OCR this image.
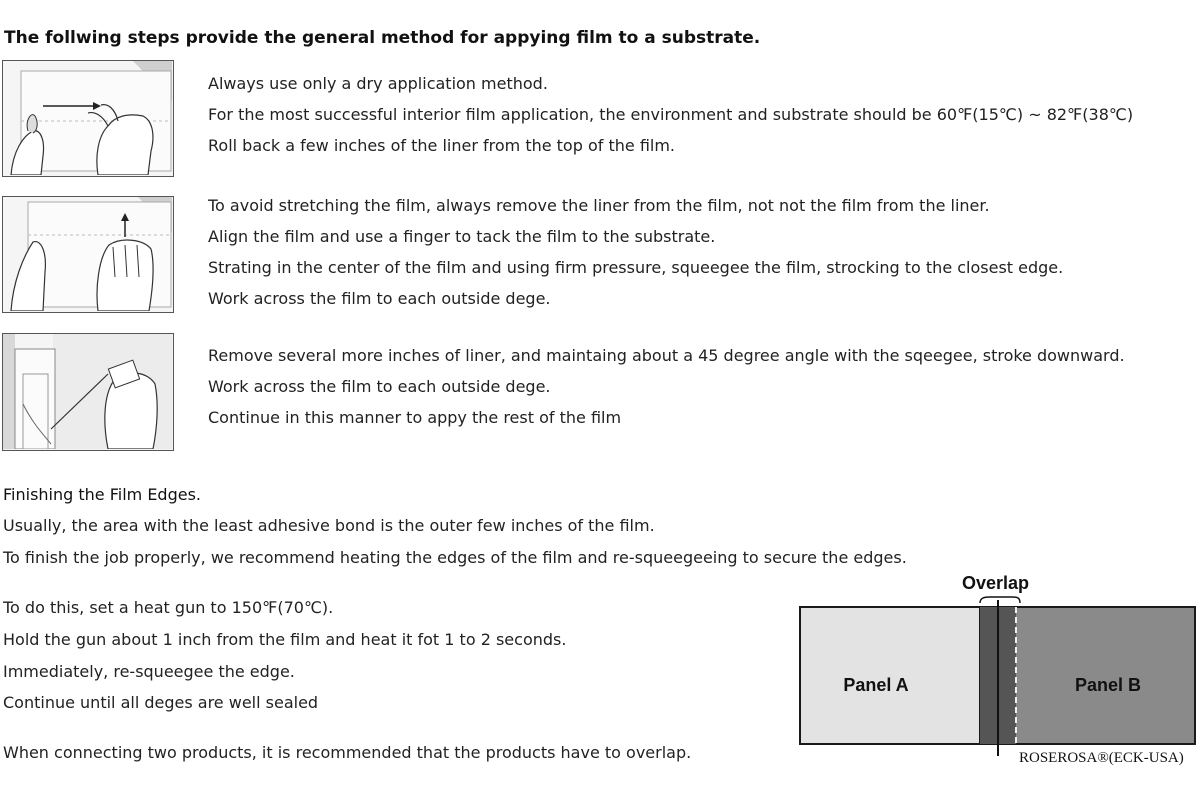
The follwing steps provide the general method for appying film to a substrate.
Always use only a dry application method.
For the most successful interior film application, the environment and substrate should be 60℉(15℃) ~ 82℉(38℃)
Roll back a few inches of the liner from the top of the film.
To avoid stretching the film, always remove the liner from the film, not not the film from the liner.
Align the film and use a finger to tack the film to the substrate.
Strating in the center of the film and using firm pressure, squeegee the film, strocking to the closest edge.
Work across the film to each outside dege.
Remove several more inches of liner, and maintaing about a 45 degree angle with the sqeegee, stroke downward.
Work across the film to each outside dege.
Continue in this manner to appy the rest of the film
Finishing the Film Edges.
Usually, the area with the least adhesive bond is the outer few inches of the film.
To finish the job properly, we recommend heating the edges of the film and re-squeegeeing to secure the edges.
To do this, set a heat gun to 150℉(70℃).
Hold the gun about 1 inch from the film and heat it fot 1 to 2 seconds.
Immediately, re-squeegee the edge.
Continue until all deges are well sealed
When connecting two products, it is recommended that the products have to overlap.
Overlap
Panel A	Panel B
ROSEROSA®(ECK-USA)
